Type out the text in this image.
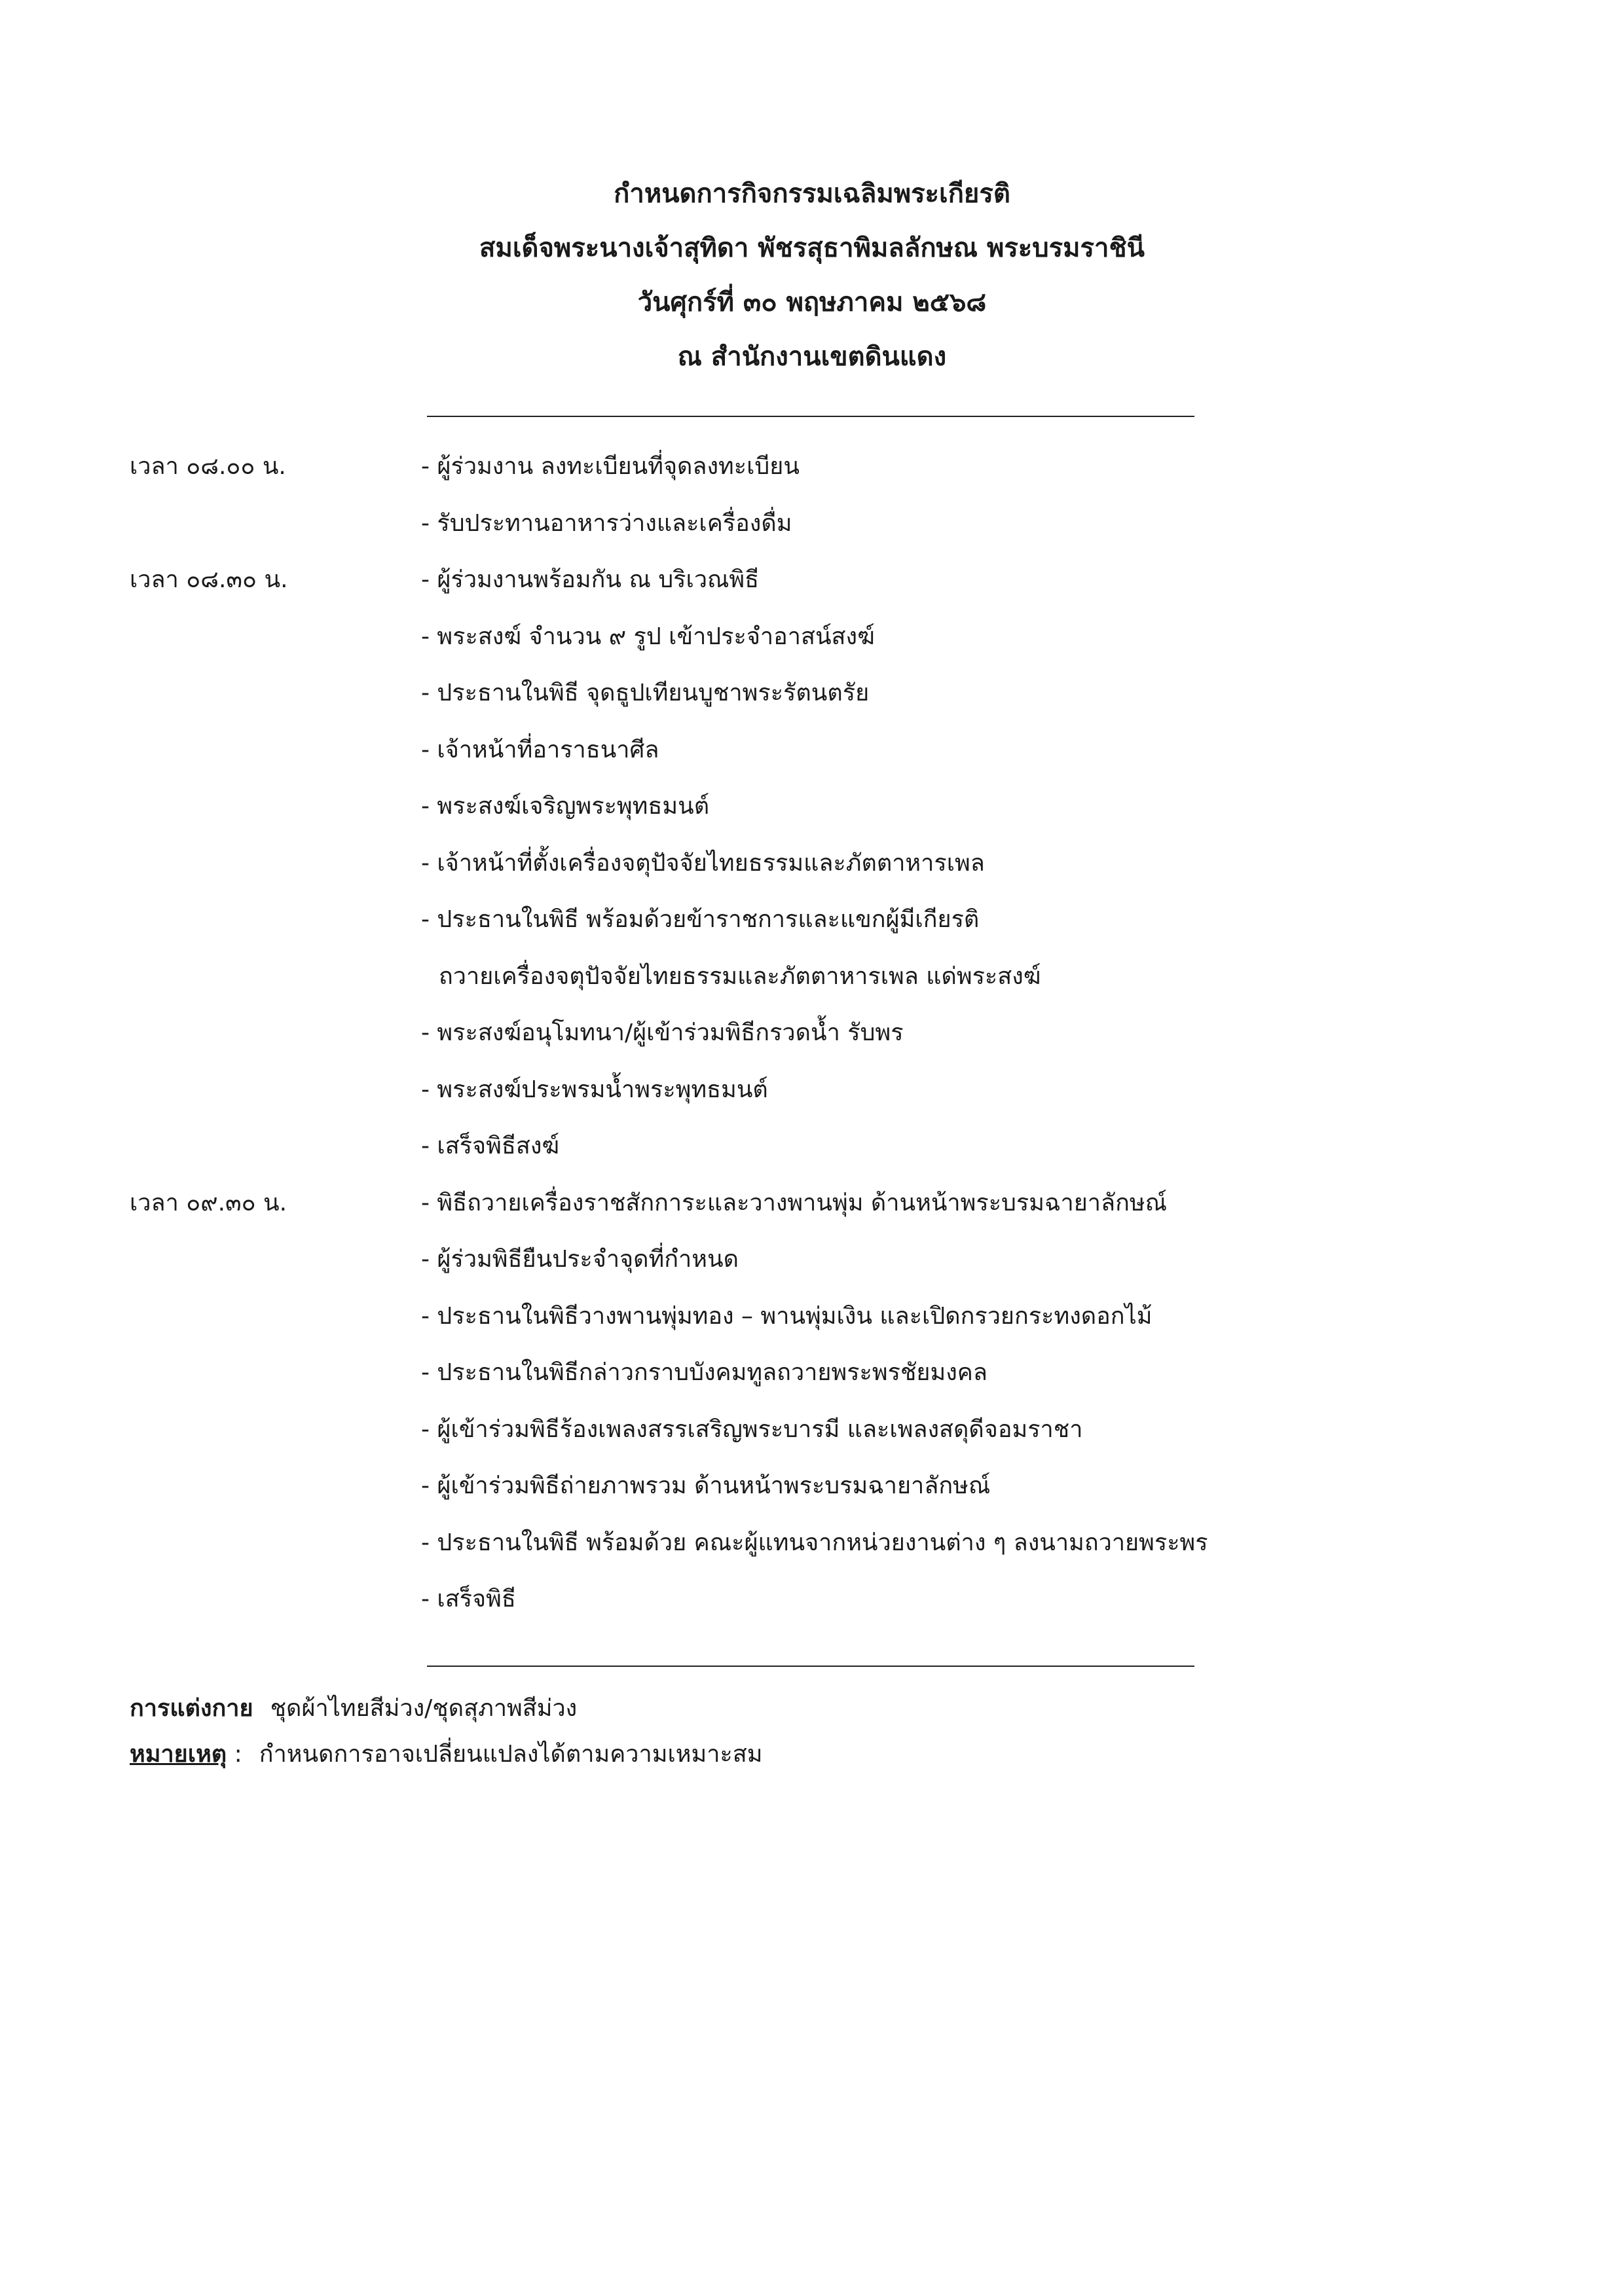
กำหนดการกิจกรรมเฉลิมพระเกียรติ
สมเด็จพระนางเจ้าสุทิดา พัชรสุธาพิมลลักษณ พระบรมราชินี
วันศุกร์ที่ ๓๐ พฤษภาคม ๒๕๖๘
ณ สำนักงานเขตดินแดง
เวลา ๐๘.๐๐ น.	- ผู้ร่วมงาน ลงทะเบียนที่จุดลงทะเบียน
- รับประทานอาหารว่างและเครื่องดื่ม
เวลา ๐๘.๓๐ น.	- ผู้ร่วมงานพร้อมกัน ณ บริเวณพิธี
- พระสงฆ์ จำนวน ๙ รูป เข้าประจำอาสน์สงฆ์
- ประธานในพิธี จุดธูปเทียนบูชาพระรัตนตรัย
- เจ้าหน้าที่อาราธนาศีล
- พระสงฆ์เจริญพระพุทธมนต์
- เจ้าหน้าที่ตั้งเครื่องจตุปัจจัยไทยธรรมและภัตตาหารเพล
- ประธานในพิธี พร้อมด้วยข้าราชการและแขกผู้มีเกียรติ
ถวายเครื่องจตุปัจจัยไทยธรรมและภัตตาหารเพล แด่พระสงฆ์
- พระสงฆ์อนุโมทนา/ผู้เข้าร่วมพิธีกรวดน้ำ รับพร
- พระสงฆ์ประพรมน้ำพระพุทธมนต์
- เสร็จพิธีสงฆ์
เวลา ๐๙.๓๐ น.	- พิธีถวายเครื่องราชสักการะและวางพานพุ่ม ด้านหน้าพระบรมฉายาลักษณ์
- ผู้ร่วมพิธียืนประจำจุดที่กำหนด
- ประธานในพิธีวางพานพุ่มทอง – พานพุ่มเงิน และเปิดกรวยกระทงดอกไม้
- ประธานในพิธีกล่าวกราบบังคมทูลถวายพระพรชัยมงคล
- ผู้เข้าร่วมพิธีร้องเพลงสรรเสริญพระบารมี และเพลงสดุดีจอมราชา
- ผู้เข้าร่วมพิธีถ่ายภาพรวม ด้านหน้าพระบรมฉายาลักษณ์
- ประธานในพิธี พร้อมด้วย คณะผู้แทนจากหน่วยงานต่าง ๆ ลงนามถวายพระพร
- เสร็จพิธี
การแต่งกาย ชุดผ้าไทยสีม่วง/ชุดสุภาพสีม่วง
หมายเหตุ : กำหนดการอาจเปลี่ยนแปลงได้ตามความเหมาะสม
